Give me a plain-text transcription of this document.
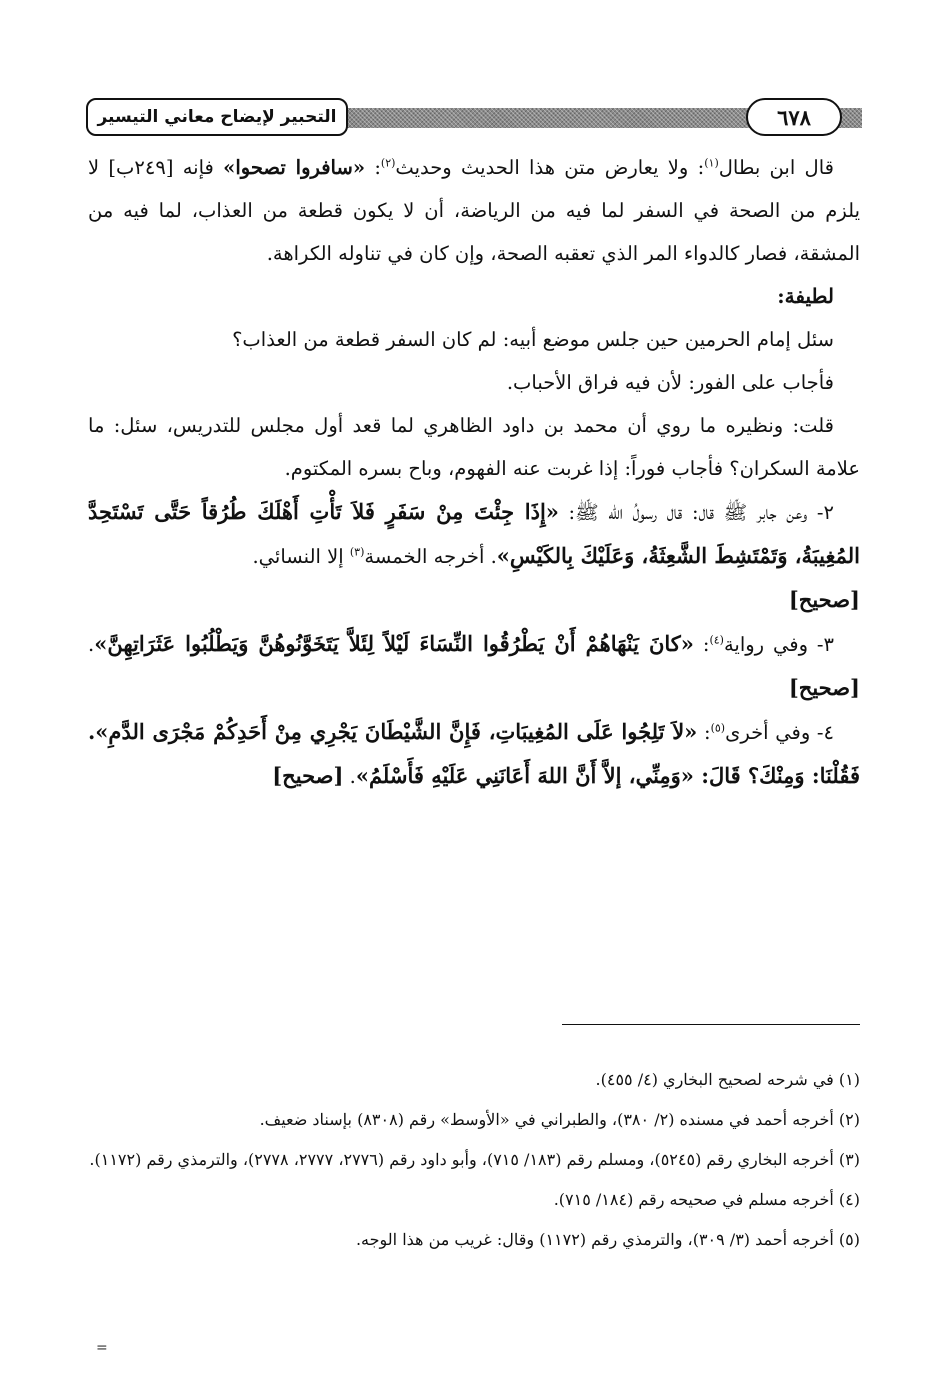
التحبير لإيضاح معاني التيسير	٦٧٨

قال ابن بطال$^{(١)}$: ولا يعارض متن هذا الحديث وحديث$^{(٢)}$: «سافروا تصحوا» فإنه [٢٤٩ب] لا يلزم من الصحة في السفر لما فيه من الرياضة، أن لا يكون قطعة من العذاب، لما فيه من المشقة، فصار كالدواء المر الذي تعقبه الصحة، وإن كان في تناوله الكراهة.

لطيفة:

سئل إمام الحرمين حين جلس موضع أبيه: لم كان السفر قطعة من العذاب؟

فأجاب على الفور: لأن فيه فراق الأحباب.

قلت: ونظيره ما روي أن محمد بن داود الظاهري لما قعد أول مجلس للتدريس، سئل: ما علامة السكران؟ فأجاب فوراً: إذا غربت عنه الفهوم، وباح بسره المكتوم.

٢- وعن جابر ﷺ قال: قال رسولُ الله ﷺ: «إِذَا جِئْتَ مِنْ سَفَرٍ فَلاَ تَأْتِ أَهْلَكَ طُرُقاً حَتَّى تَسْتَحِدَّ المُغِيبَةُ، وَتَمْتَشِطَ الشَّعِثَةُ، وَعَلَيْكَ بِالكَيْسِ». أخرجه الخمسة$^{(٣)}$ إلا النسائي.

[صحيح]

٣- وفي رواية$^{(٤)}$: «كانَ يَنْهَاهُمْ أَنْ يَطْرُقُوا النِّسَاءَ لَيْلاً لِئَلاَّ يَتَخَوَّنُوهُنَّ وَيَطْلُبُوا عَثَرَاتِهِنَّ». [صحيح]

٤- وفي أخرى$^{(٥)}$: «لاَ تَلِجُوا عَلَى المُغِيبَاتِ، فَإِنَّ الشَّيْطَانَ يَجْرِي مِنْ أَحَدِكُمْ مَجْرَى الدَّمِ». فَقُلْنَا: وَمِنْكَ؟ قَالَ: «وَمِنِّي، إلاَّ أَنَّ اللهَ أَعَانَنِي عَلَيْهِ فَأَسْلَمُ». [صحيح]

(١) في شرحه لصحيح البخاري (٤/ ٤٥٥).

(٢) أخرجه أحمد في مسنده (٢/ ٣٨٠)، والطبراني في «الأوسط» رقم (٨٣٠٨) بإسناد ضعيف.

(٣) أخرجه البخاري رقم (٥٢٤٥)، ومسلم رقم (١٨٣/ ٧١٥)، وأبو داود رقم (٢٧٧٦، ٢٧٧٧، ٢٧٧٨)، والترمذي رقم (١١٧٢).

(٤) أخرجه مسلم في صحيحه رقم (١٨٤/ ٧١٥).

(٥) أخرجه أحمد (٣/ ٣٠٩)، والترمذي رقم (١١٧٢) وقال: غريب من هذا الوجه.

=
